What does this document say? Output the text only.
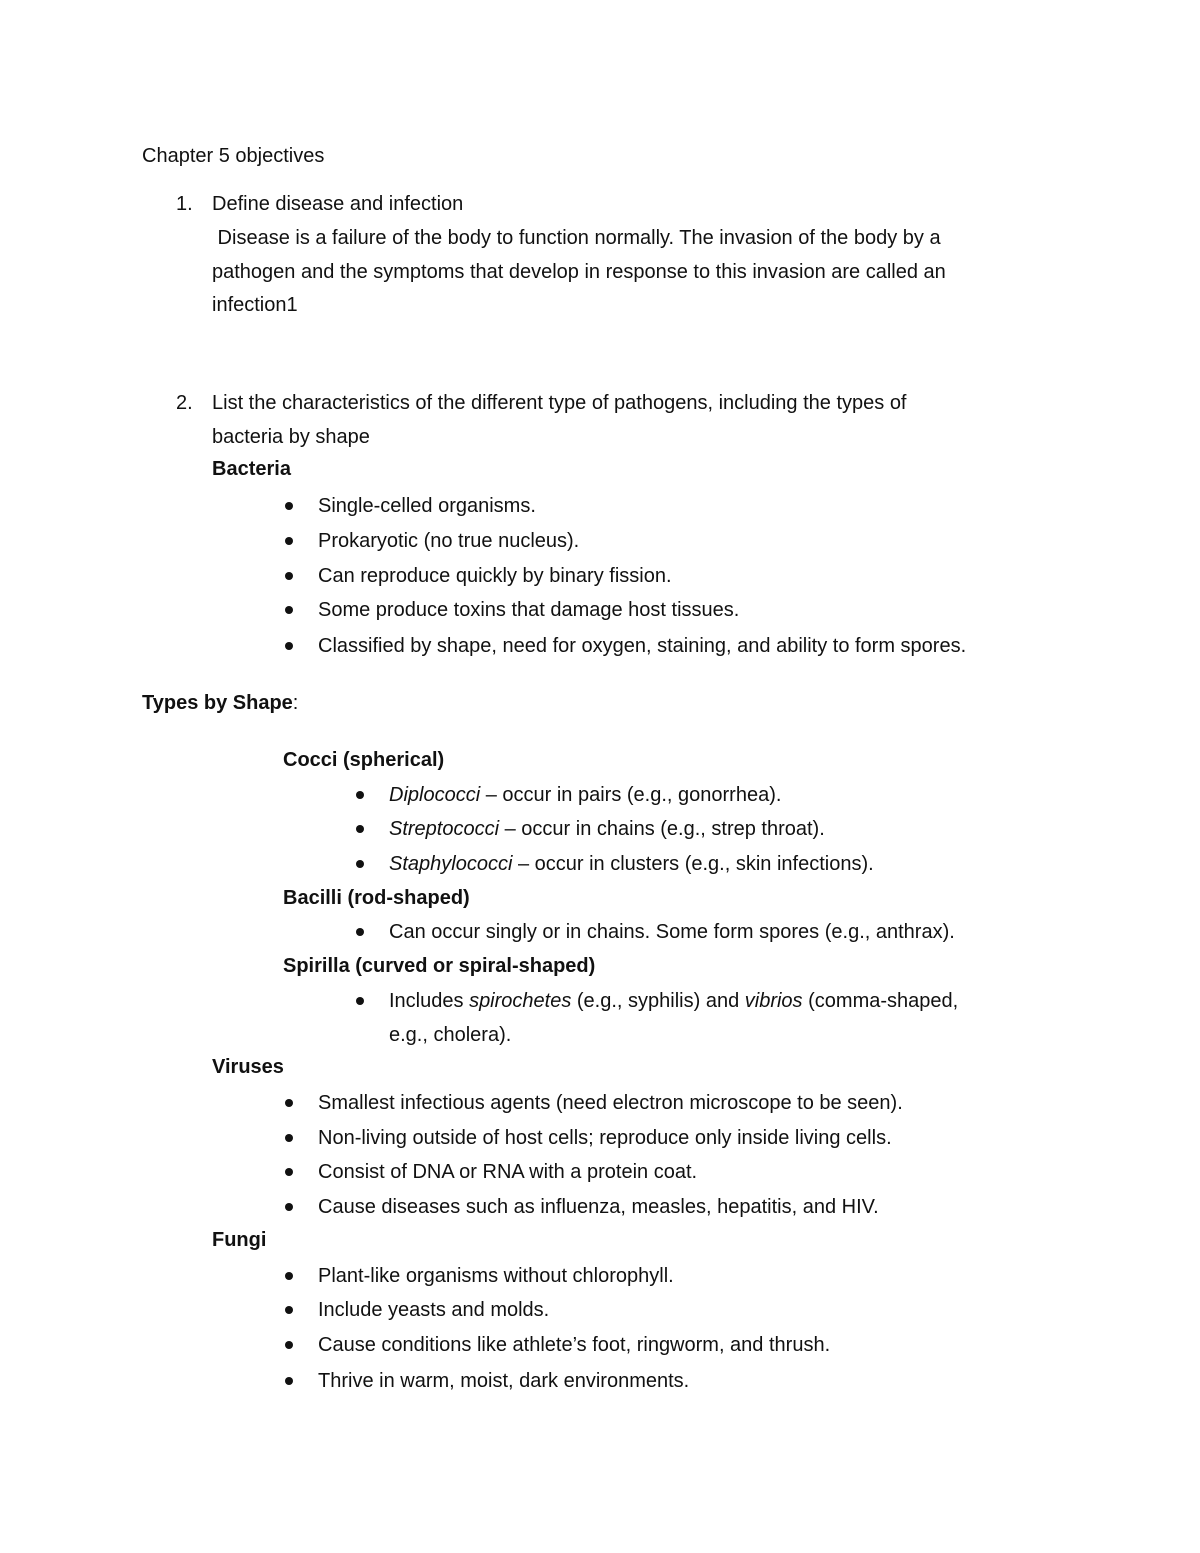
Chapter 5 objectives
1. Define disease and infection
Disease is a failure of the body to function normally. The invasion of the body by a
pathogen and the symptoms that develop in response to this invasion are called an
infection1
2. List the characteristics of the different type of pathogens, including the types of
bacteria by shape
Bacteria
Single-celled organisms.
Prokaryotic (no true nucleus).
Can reproduce quickly by binary fission.
Some produce toxins that damage host tissues.
Classified by shape, need for oxygen, staining, and ability to form spores.
Types by Shape:
Cocci (spherical)
Diplococci – occur in pairs (e.g., gonorrhea).
Streptococci – occur in chains (e.g., strep throat).
Staphylococci – occur in clusters (e.g., skin infections).
Bacilli (rod-shaped)
Can occur singly or in chains. Some form spores (e.g., anthrax).
Spirilla (curved or spiral-shaped)
Includes spirochetes (e.g., syphilis) and vibrios (comma-shaped,
e.g., cholera).
Viruses
Smallest infectious agents (need electron microscope to be seen).
Non-living outside of host cells; reproduce only inside living cells.
Consist of DNA or RNA with a protein coat.
Cause diseases such as influenza, measles, hepatitis, and HIV.
Fungi
Plant-like organisms without chlorophyll.
Include yeasts and molds.
Cause conditions like athlete’s foot, ringworm, and thrush.
Thrive in warm, moist, dark environments.
